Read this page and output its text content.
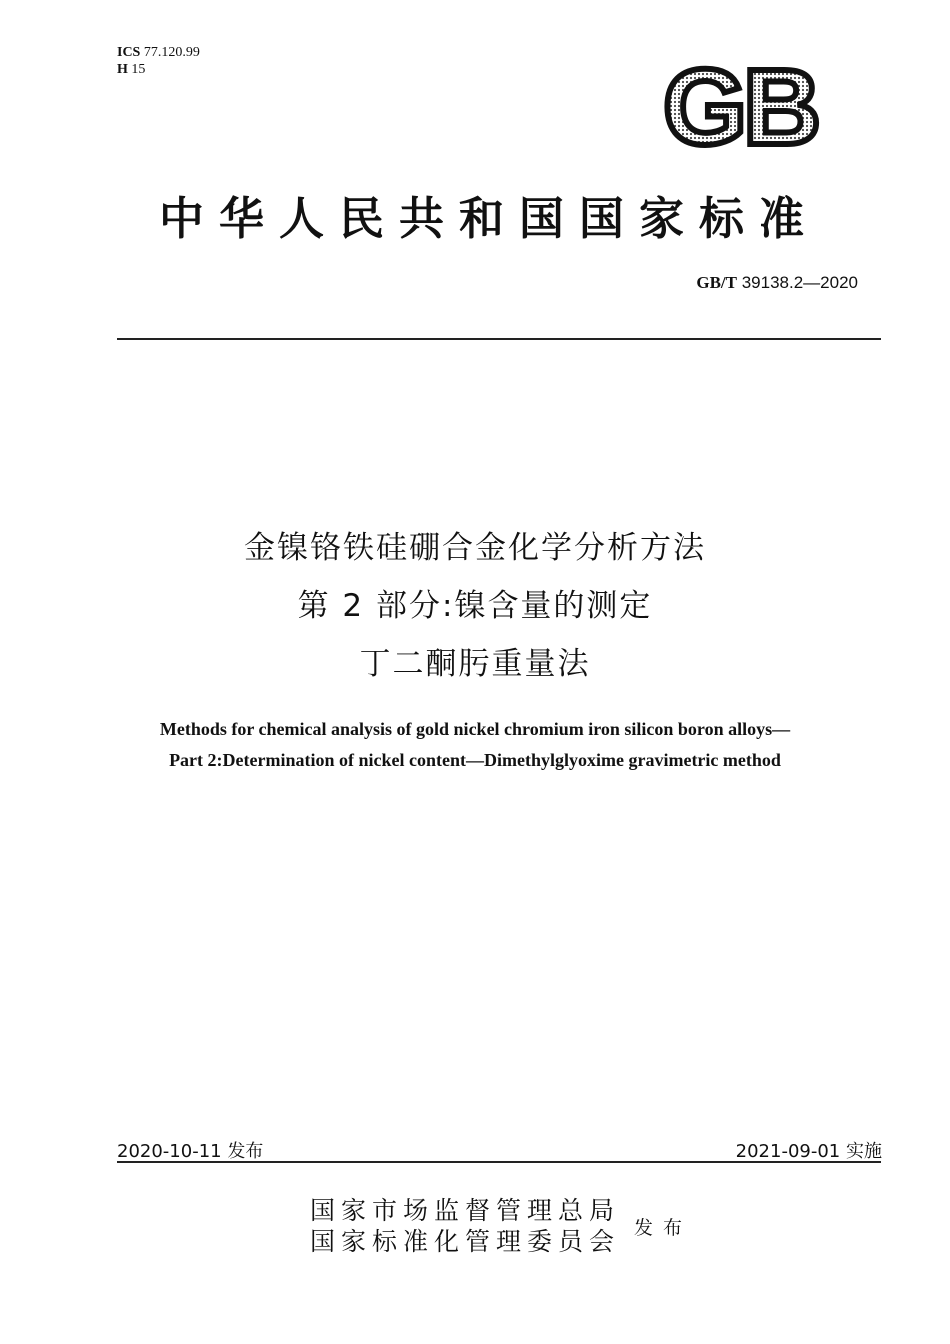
ICS 77.120.99
H 15	GB
中华人民共和国国家标准
GB/T 39138.2—2020
金镍铬铁硅硼合金化学分析方法
第 2 部分:镍含量的测定
丁二酮肟重量法
Methods for chemical analysis of gold nickel chromium iron silicon boron alloys—
Part 2:Determination of nickel content—Dimethylglyoxime gravimetric method
2020-10-11 发布	2021-09-01 实施
国家市场监督管理总局
国家标准化管理委员会 发布
